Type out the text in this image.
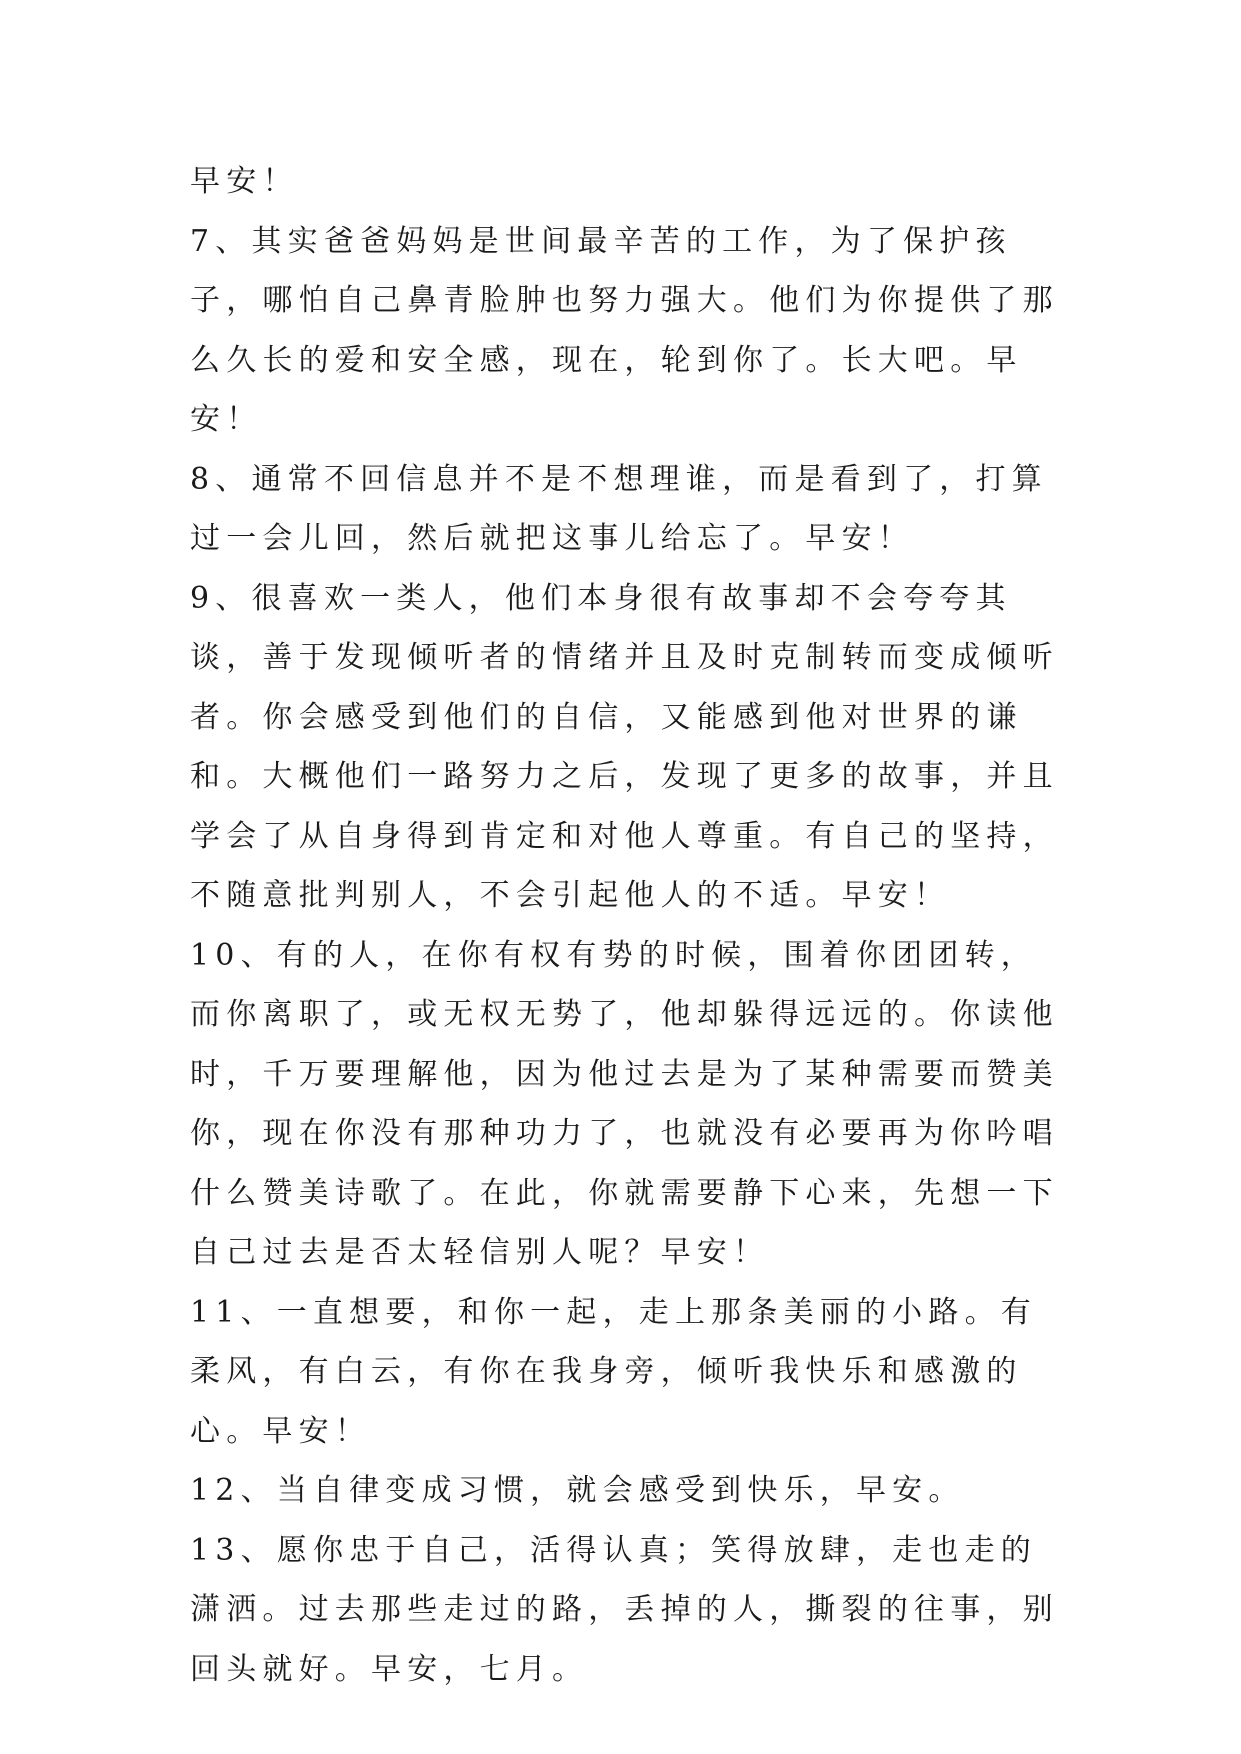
早安！

7、其实爸爸妈妈是世间最辛苦的工作，为了保护孩子，哪怕自己鼻青脸肿也努力强大。他们为你提供了那么久长的爱和安全感，现在，轮到你了。长大吧。早安！

8、通常不回信息并不是不想理谁，而是看到了，打算过一会儿回，然后就把这事儿给忘了。早安！

9、很喜欢一类人，他们本身很有故事却不会夸夸其谈，善于发现倾听者的情绪并且及时克制转而变成倾听者。你会感受到他们的自信，又能感到他对世界的谦和。大概他们一路努力之后，发现了更多的故事，并且学会了从自身得到肯定和对他人尊重。有自己的坚持，不随意批判别人，不会引起他人的不适。早安！

10、有的人，在你有权有势的时候，围着你团团转，而你离职了，或无权无势了，他却躲得远远的。你读他时，千万要理解他，因为他过去是为了某种需要而赞美你，现在你没有那种功力了，也就没有必要再为你吟唱什么赞美诗歌了。在此，你就需要静下心来，先想一下自己过去是否太轻信别人呢？早安！

11、一直想要，和你一起，走上那条美丽的小路。有柔风，有白云，有你在我身旁，倾听我快乐和感激的心。早安！

12、当自律变成习惯，就会感受到快乐，早安。

13、愿你忠于自己，活得认真；笑得放肆，走也走的潇洒。过去那些走过的路，丢掉的人，撕裂的往事，别回头就好。早安，七月。
